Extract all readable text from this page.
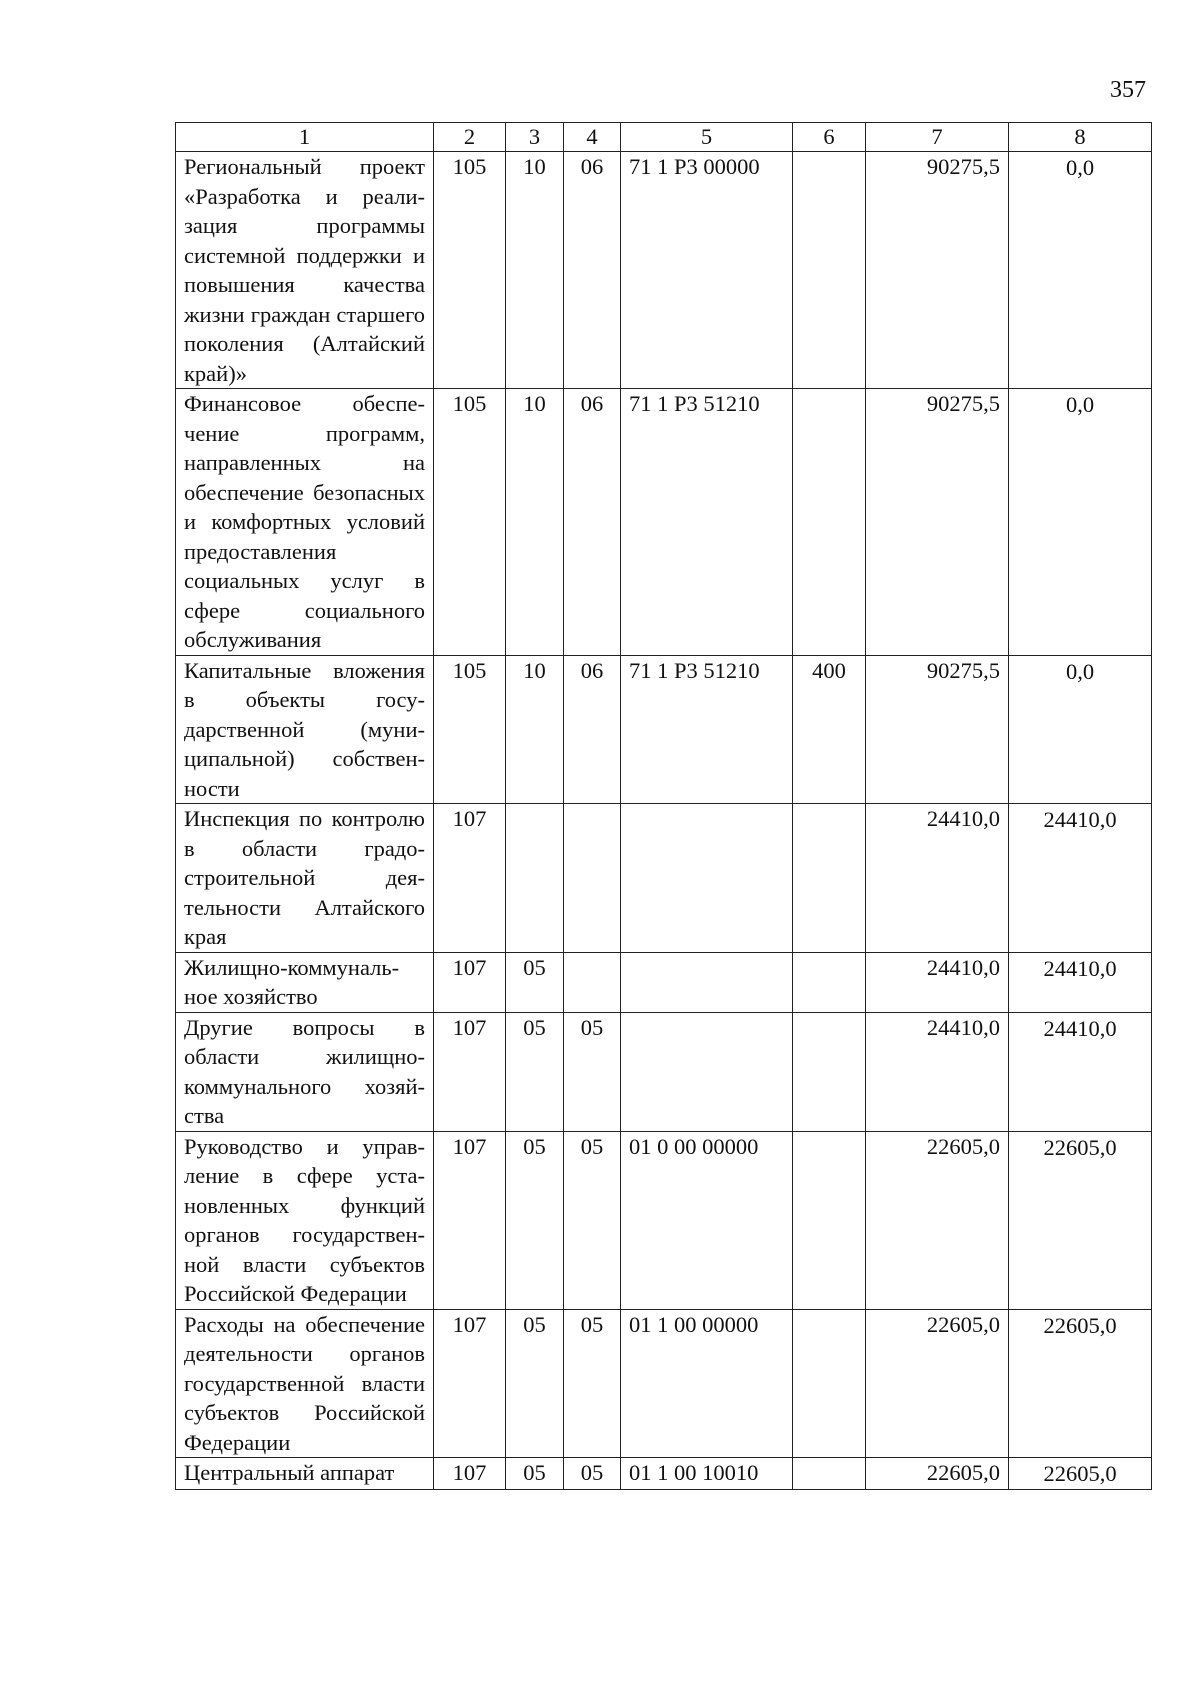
357
1	2	3	4	5	6	7	8
Региональный проект «Разработка и реализация программы системной поддержки и повышения качества жизни граждан старшего поколения (Алтайский край)»	105	10	06	71 1 Р3 00000		90275,5	0,0
Финансовое обеспечение программ, направленных на обеспечение безопасных и комфортных условий предоставления социальных услуг в сфере социального обслуживания	105	10	06	71 1 Р3 51210		90275,5	0,0
Капитальные вложения в объекты государственной (муниципальной) собственности	105	10	06	71 1 Р3 51210	400	90275,5	0,0
Инспекция по контролю в области градостроительной деятельности Алтайского края	107					24410,0	24410,0
Жилищно-коммунальное хозяйство	107	05				24410,0	24410,0
Другие вопросы в области жилищно-коммунального хозяйства	107	05	05			24410,0	24410,0
Руководство и управление в сфере установленных функций органов государственной власти субъектов Российской Федерации	107	05	05	01 0 00 00000		22605,0	22605,0
Расходы на обеспечение деятельности органов государственной власти субъектов Российской Федерации	107	05	05	01 1 00 00000		22605,0	22605,0
Центральный аппарат	107	05	05	01 1 00 10010		22605,0	22605,0
